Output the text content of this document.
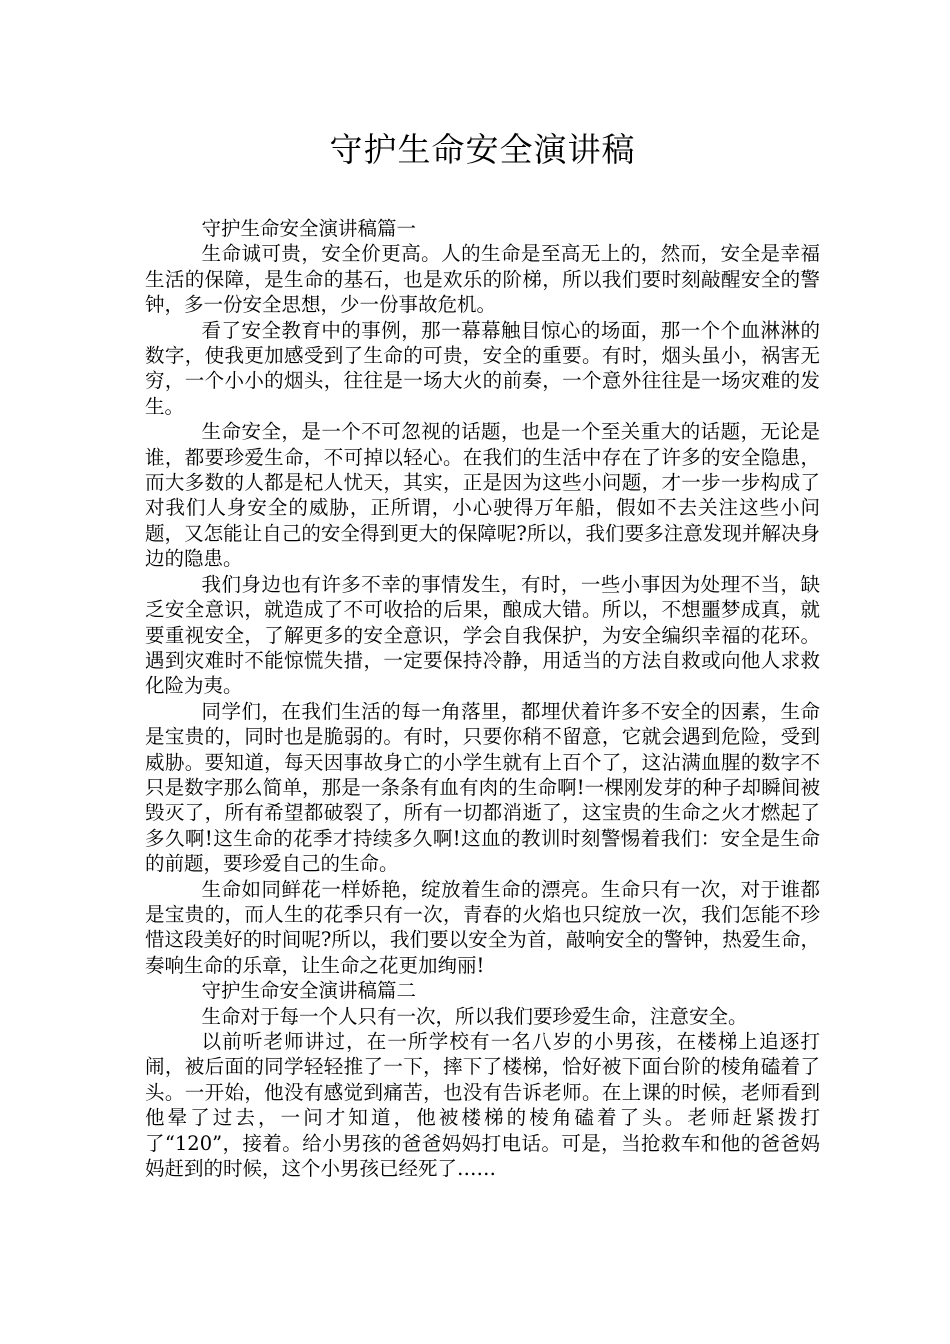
守护生命安全演讲稿

守护生命安全演讲稿篇一

生命诚可贵，安全价更高。人的生命是至高无上的，然而，安全是幸福生活的保障，是生命的基石，也是欢乐的阶梯，所以我们要时刻敲醒安全的警钟，多一份安全思想，少一份事故危机。

看了安全教育中的事例，那一幕幕触目惊心的场面，那一个个血淋淋的数字，使我更加感受到了生命的可贵，安全的重要。有时，烟头虽小，祸害无穷，一个小小的烟头，往往是一场大火的前奏，一个意外往往是一场灾难的发生。

生命安全，是一个不可忽视的话题，也是一个至关重大的话题，无论是谁，都要珍爱生命，不可掉以轻心。在我们的生活中存在了许多的安全隐患，而大多数的人都是杞人忧天，其实，正是因为这些小问题，才一步一步构成了对我们人身安全的威胁，正所谓，小心驶得万年船，假如不去关注这些小问题，又怎能让自己的安全得到更大的保障呢?所以，我们要多注意发现并解决身边的隐患。

我们身边也有许多不幸的事情发生，有时，一些小事因为处理不当，缺乏安全意识，就造成了不可收拾的后果，酿成大错。所以，不想噩梦成真，就要重视安全，了解更多的安全意识，学会自我保护，为安全编织幸福的花环。遇到灾难时不能惊慌失措，一定要保持冷静，用适当的方法自救或向他人求救化险为夷。

同学们，在我们生活的每一角落里，都埋伏着许多不安全的因素，生命是宝贵的，同时也是脆弱的。有时，只要你稍不留意，它就会遇到危险，受到威胁。要知道，每天因事故身亡的小学生就有上百个了，这沾满血腥的数字不只是数字那么简单，那是一条条有血有肉的生命啊!一棵刚发芽的种子却瞬间被毁灭了，所有希望都破裂了，所有一切都消逝了，这宝贵的生命之火才燃起了多久啊!这生命的花季才持续多久啊!这血的教训时刻警惕着我们：安全是生命的前题，要珍爱自己的生命。

生命如同鲜花一样娇艳，绽放着生命的漂亮。生命只有一次，对于谁都是宝贵的，而人生的花季只有一次，青春的火焰也只绽放一次，我们怎能不珍惜这段美好的时间呢?所以，我们要以安全为首，敲响安全的警钟，热爱生命，奏响生命的乐章，让生命之花更加绚丽!

守护生命安全演讲稿篇二

生命对于每一个人只有一次，所以我们要珍爱生命，注意安全。

以前听老师讲过，在一所学校有一名八岁的小男孩，在楼梯上追逐打闹，被后面的同学轻轻推了一下，摔下了楼梯，恰好被下面台阶的棱角磕着了头。一开始，他没有感觉到痛苦，也没有告诉老师。在上课的时候，老师看到他晕了过去，一问才知道，他被楼梯的棱角磕着了头。老师赶紧拨打了“120”，接着。给小男孩的爸爸妈妈打电话。可是，当抢救车和他的爸爸妈妈赶到的时候，这个小男孩已经死了……
